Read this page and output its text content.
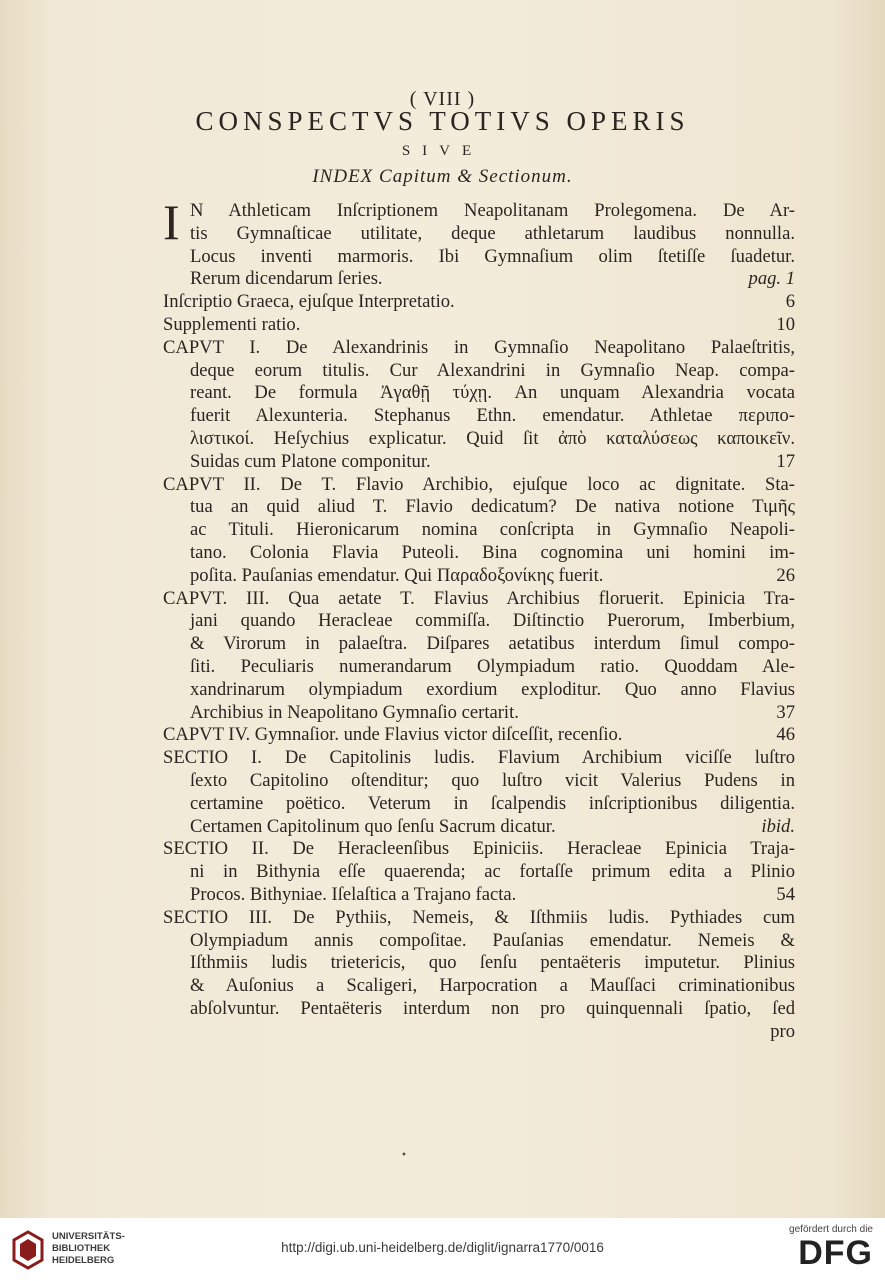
( VIII )
CONSPECTVS TOTIVS OPERIS
SIVE
INDEX Capitum & Sectionum.
I N Athleticam Inſcriptionem Neapolitanam Prolegomena. De Ar-
tis Gymnaſticae utilitate, deque athletarum laudibus nonnulla.
Locus inventi marmoris. Ibi Gymnaſium olim ſtetiſſe ſuadetur.
Rerum dicendarum ſeries.	pag. 1
Inſcriptio Graeca, ejuſque Interpretatio.	6
Supplementi ratio.	10
CAPVT I. De Alexandrinis in Gymnaſio Neapolitano Palaeſtritis,
deque eorum titulis. Cur Alexandrini in Gymnaſio Neap. compa-
reant. De formula Ἀγαθῇ τύχῃ. An unquam Alexandria vocata
fuerit Alexunteria. Stephanus Ethn. emendatur. Athletae περιπο-
λιστικοί. Heſychius explicatur. Quid ſit ἀπὸ καταλύσεως καποικεῖν.
Suidas cum Platone componitur.	17
CAPVT II. De T. Flavio Archibio, ejuſque loco ac dignitate. Sta-
tua an quid aliud T. Flavio dedicatum? De nativa notione Τιμῆς
ac Tituli. Hieronicarum nomina conſcripta in Gymnaſio Neapoli-
tano. Colonia Flavia Puteoli. Bina cognomina uni homini im-
poſita. Pauſanias emendatur. Qui Παραδοξονίκης fuerit.	26
CAPVT. III. Qua aetate T. Flavius Archibius floruerit. Epinicia Tra-
jani quando Heracleae commiſſa. Diſtinctio Puerorum, Imberbium,
& Virorum in palaeſtra. Diſpares aetatibus interdum ſimul compo-
ſiti. Peculiaris numerandarum Olympiadum ratio. Quoddam Ale-
xandrinarum olympiadum exordium exploditur. Quo anno Flavius
Archibius in Neapolitano Gymnaſio certarit.	37
CAPVT IV. Gymnaſior. unde Flavius victor diſceſſit, recenſio.	46
SECTIO I. De Capitolinis ludis. Flavium Archibium viciſſe luſtro
ſexto Capitolino oſtenditur; quo luſtro vicit Valerius Pudens in
certamine poëtico. Veterum in ſcalpendis inſcriptionibus diligentia.
Certamen Capitolinum quo ſenſu Sacrum dicatur.	ibid.
SECTIO II. De Heracleenſibus Epiniciis. Heracleae Epinicia Traja-
ni in Bithynia eſſe quaerenda; ac fortaſſe primum edita a Plinio
Procos. Bithyniae. Iſelaſtica a Trajano facta.	54
SECTIO III. De Pythiis, Nemeis, & Iſthmiis ludis. Pythiades cum
Olympiadum annis compoſitae. Pauſanias emendatur. Nemeis &
Iſthmiis ludis trietericis, quo ſenſu pentaëteris imputetur. Plinius
& Auſonius a Scaligeri, Harpocration a Mauſſaci criminationibus
abſolvuntur. Pentaëteris interdum non pro quinquennali ſpatio, ſed
pro
•
UNIVERSITÄTS-
BIBLIOTHEK
HEIDELBERG
http://digi.ub.uni-heidelberg.de/diglit/ignarra1770/0016
gefördert durch die
DFG
